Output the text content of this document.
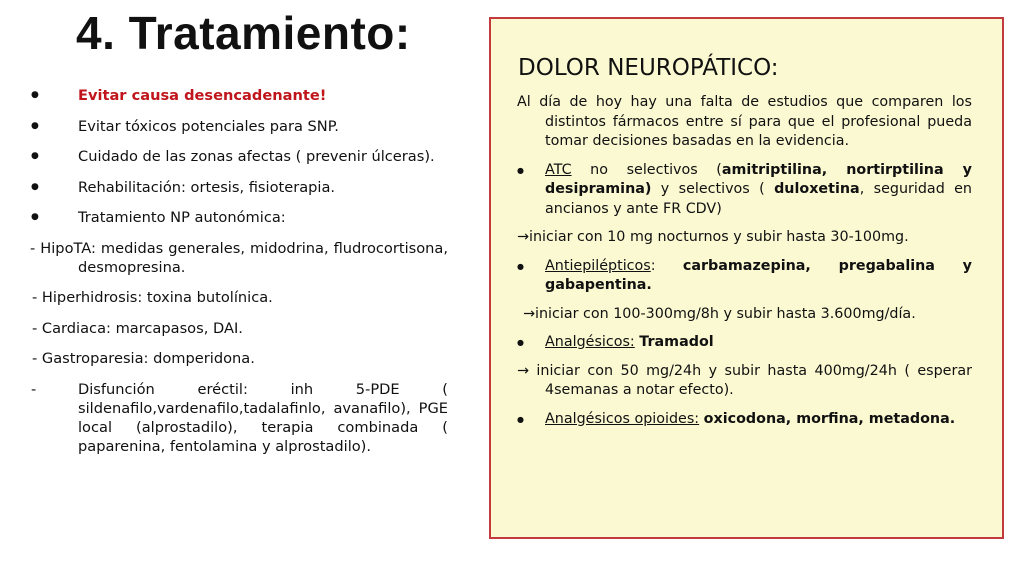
4. Tratamiento:
●	Evitar causa desencadenante!
●	Evitar tóxicos potenciales para SNP.
●	Cuidado de las zonas afectas ( prevenir úlceras).
●	Rehabilitación: ortesis, fisioterapia.
●	Tratamiento NP autonómica:
- HipoTA: medidas generales, midodrina, fludrocortisona, desmopresina.
- Hiperhidrosis: toxina butolínica.
- Cardiaca: marcapasos, DAI.
- Gastroparesia: domperidona.
-	Disfunción eréctil: inh 5-PDE ( sildenafilo,vardenafilo,tadalafinlo, avanafilo), PGE local (alprostadilo), terapia combinada ( paparenina, fentolamina y alprostadilo).
DOLOR NEUROPÁTICO:
Al día de hoy hay una falta de estudios que comparen los distintos fármacos entre sí para que el profesional pueda tomar decisiones basadas en la evidencia.
●	ATC no selectivos (amitriptilina, nortirptilina y desipramina) y selectivos ( duloxetina, seguridad en ancianos y ante FR CDV)
→iniciar con 10 mg nocturnos y subir hasta 30-100mg.
●	Antiepilépticos: carbamazepina, pregabalina y gabapentina.
→iniciar con 100-300mg/8h y subir hasta 3.600mg/día.
●	Analgésicos: Tramadol
→ iniciar con 50 mg/24h y subir hasta 400mg/24h ( esperar 4semanas a notar efecto).
●	Analgésicos opioides: oxicodona, morfina, metadona.
